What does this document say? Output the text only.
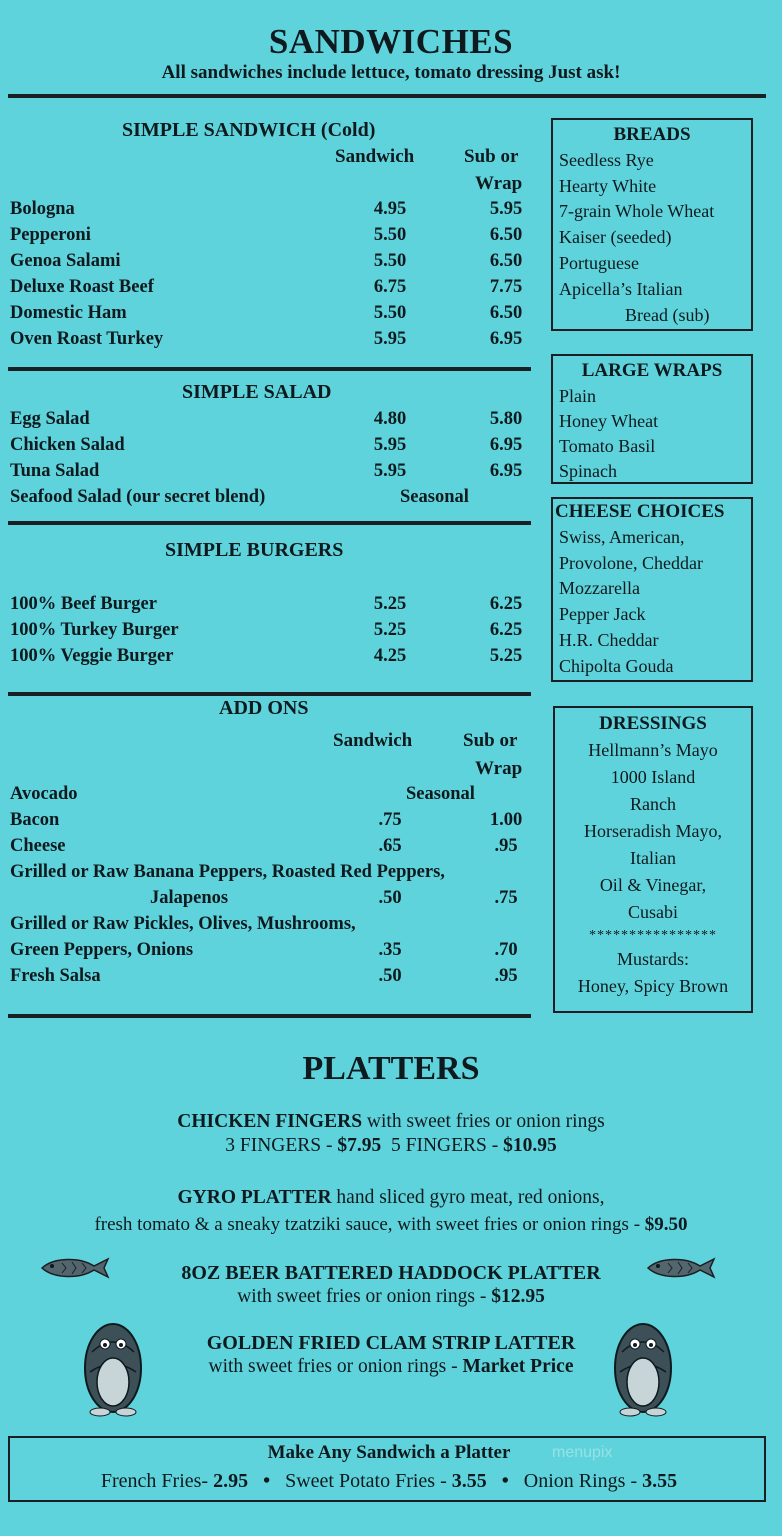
SANDWICHES
All sandwiches include lettuce, tomato dressing Just ask!
SIMPLE SANDWICH (Cold)
Sandwich	Sub or
Wrap
Bologna	4.95	5.95
Pepperoni	5.50	6.50
Genoa Salami	5.50	6.50
Deluxe Roast Beef	6.75	7.75
Domestic Ham	5.50	6.50
Oven Roast Turkey	5.95	6.95
SIMPLE SALAD
Egg Salad	4.80	5.80
Chicken Salad	5.95	6.95
Tuna Salad	5.95	6.95
Seafood Salad (our secret blend)	Seasonal
SIMPLE BURGERS
100% Beef Burger	5.25	6.25
100% Turkey Burger	5.25	6.25
100% Veggie Burger	4.25	5.25
ADD ONS
Sandwich	Sub or
Wrap
Avocado	Seasonal
Bacon	.75	1.00
Cheese	.65	.95
Grilled or Raw Banana Peppers, Roasted Red Peppers,
Jalapenos	.50	.75
Grilled or Raw Pickles, Olives, Mushrooms,
Green Peppers, Onions	.35	.70
Fresh Salsa	.50	.95
BREADS
Seedless Rye
Hearty White
7-grain Whole Wheat
Kaiser (seeded)
Portuguese
Apicella’s Italian
Bread (sub)
LARGE WRAPS
Plain
Honey Wheat
Tomato Basil
Spinach
CHEESE CHOICES
Swiss, American,
Provolone, Cheddar
Mozzarella
Pepper Jack
H.R. Cheddar
Chipolta Gouda
DRESSINGS
Hellmann’s Mayo
1000 Island
Ranch
Horseradish Mayo,
Italian
Oil & Vinegar,
Cusabi
****************
Mustards:
Honey, Spicy Brown
PLATTERS
CHICKEN FINGERS with sweet fries or onion rings
3 FINGERS - $7.95 5 FINGERS - $10.95
GYRO PLATTER hand sliced gyro meat, red onions,
fresh tomato & a sneaky tzatziki sauce, with sweet fries or onion rings - $9.50
8OZ BEER BATTERED HADDOCK PLATTER
with sweet fries or onion rings - $12.95
GOLDEN FRIED CLAM STRIP LATTER
with sweet fries or onion rings - Market Price
Make Any Sandwich a Platter	menupix
French Fries- 2.95 • Sweet Potato Fries - 3.55 • Onion Rings - 3.55
